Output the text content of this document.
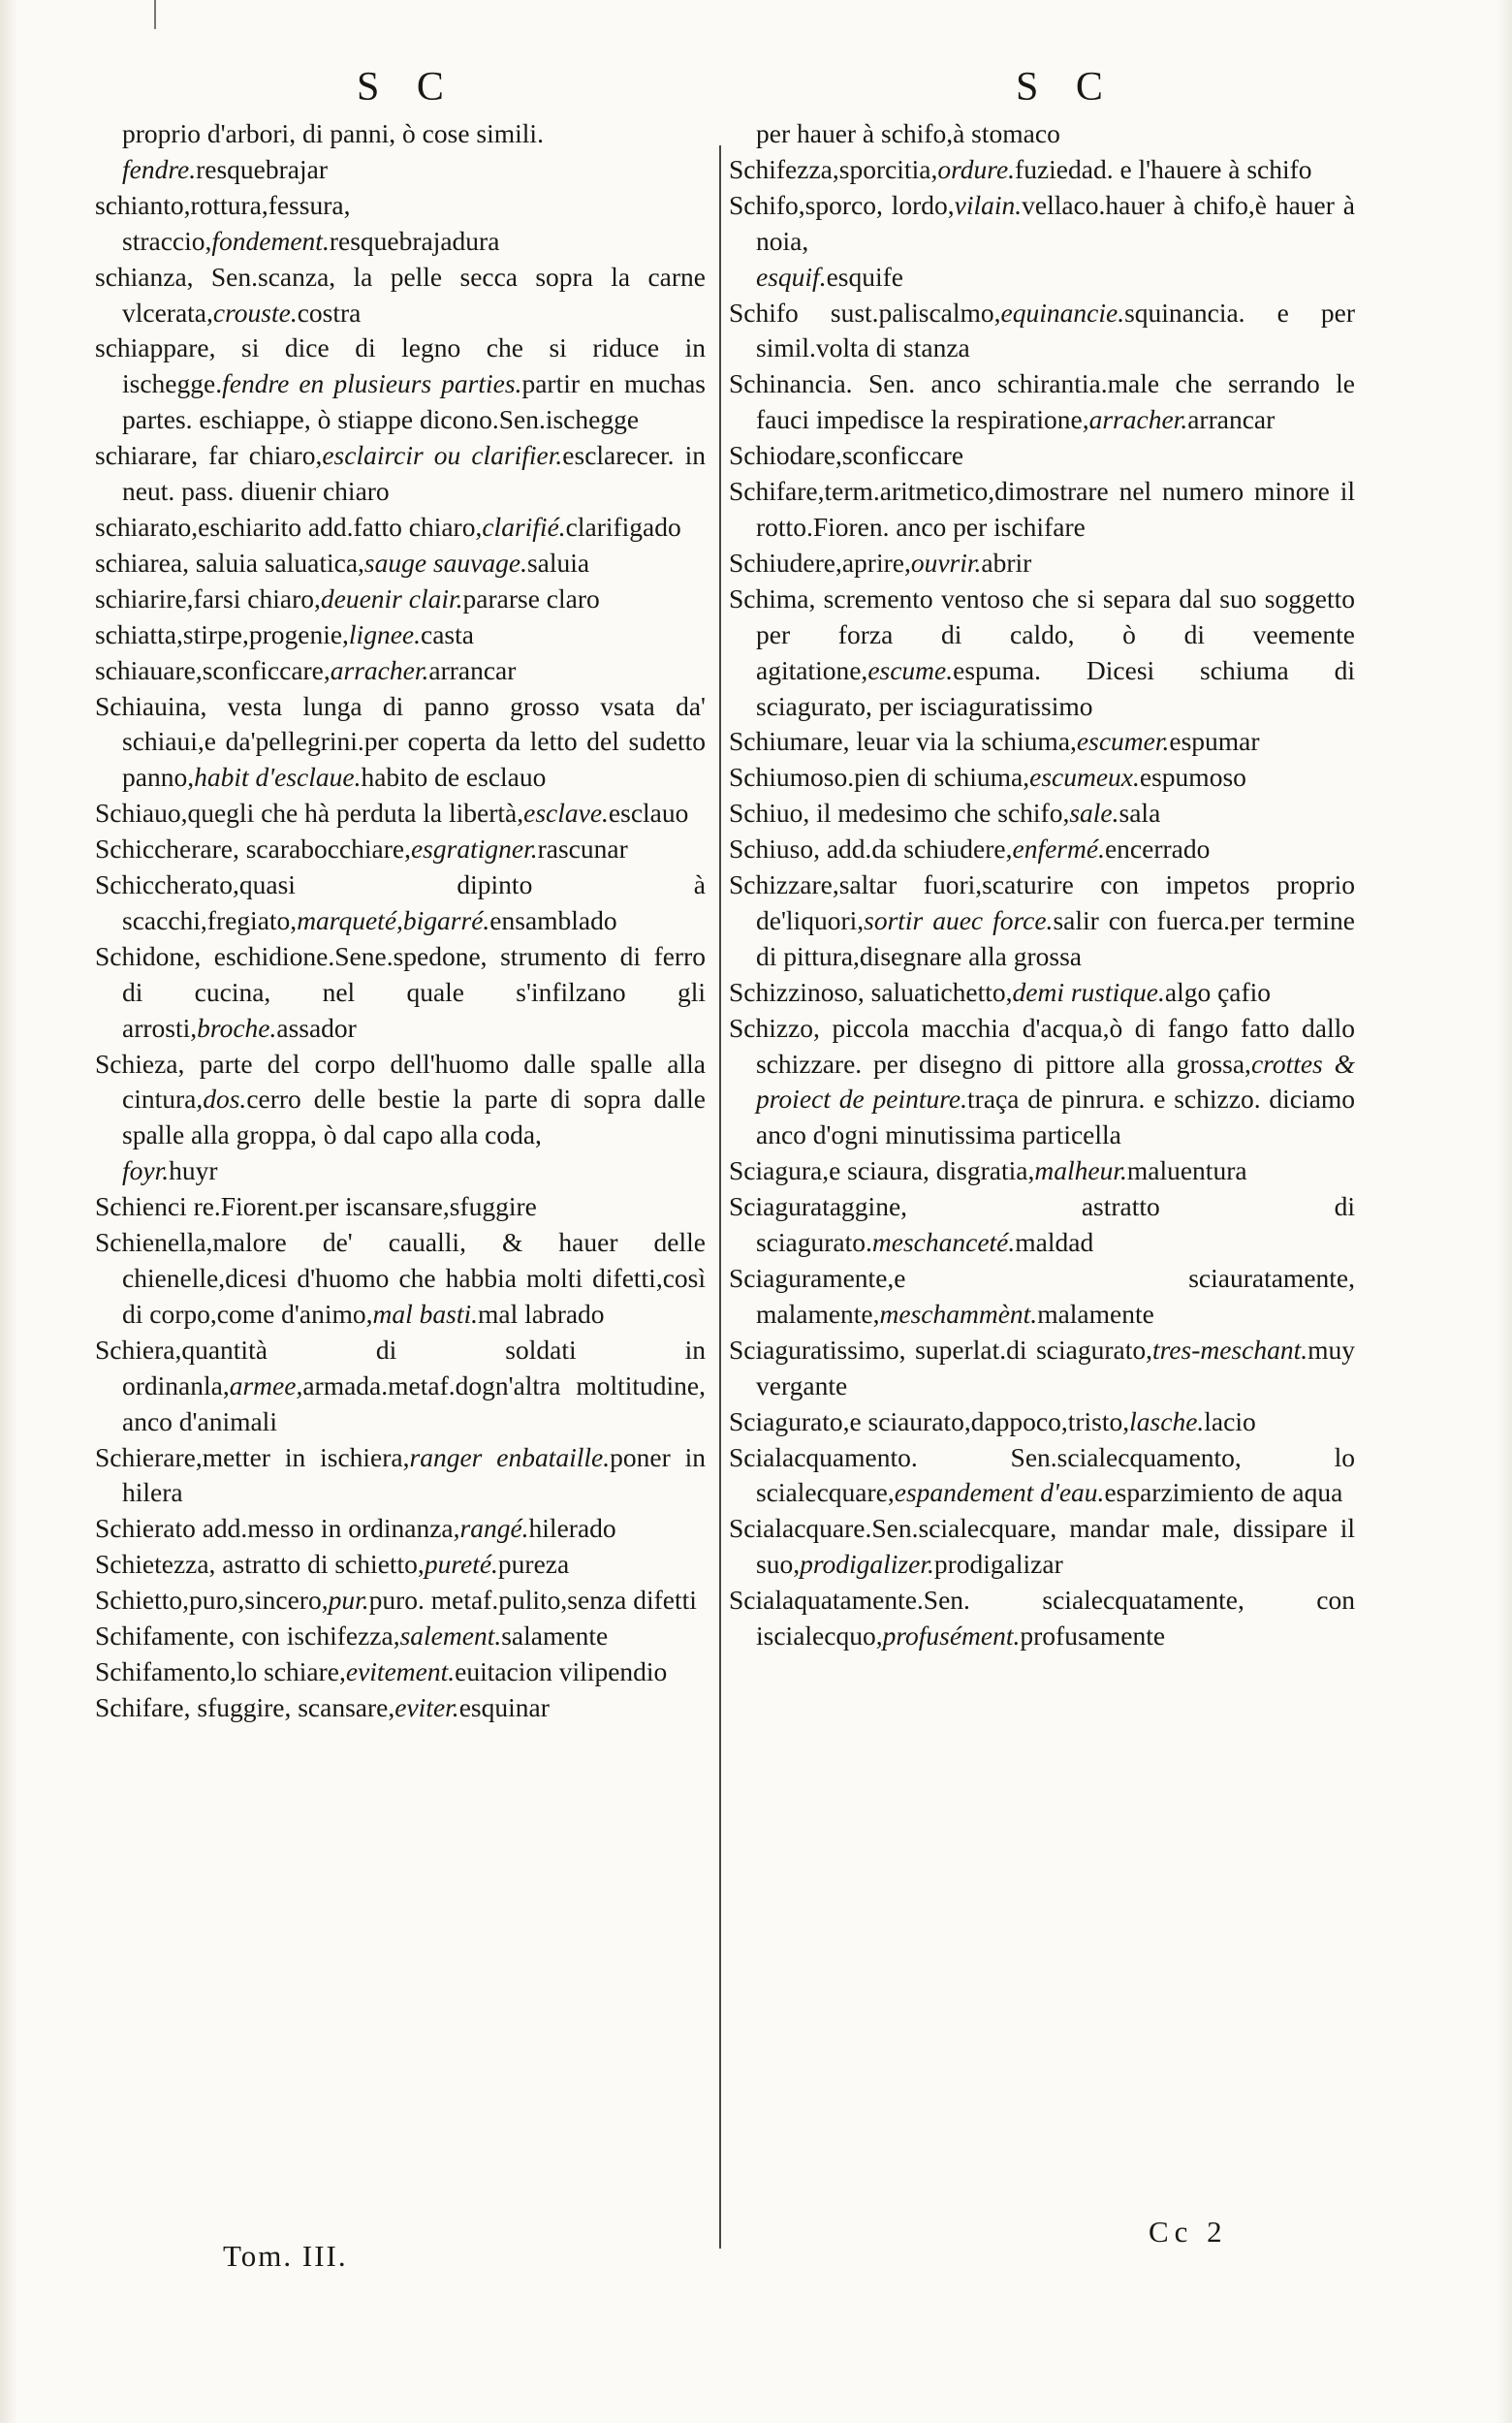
S C	S C
proprio d'arbori, di panni, ò cose simili.
fendre.resquebrajar
schianto,rottura,fessura, straccio,fondement.resquebrajadura
schianza, Sen.scanza, la pelle secca sopra la carne vlcerata,crouste.costra
schiappare, si dice di legno che si riduce in ischegge.fendre en plusieurs parties.partir en muchas partes. eschiappe, ò stiappe dicono.Sen.ischegge
schiarare, far chiaro,esclaircir ou clarifier.esclarecer. in neut. pass. diuenir chiaro
schiarato,eschiarito add.fatto chiaro,clarifié.clarifigado
schiarea, saluia saluatica,sauge sauvage.saluia
schiarire,farsi chiaro,deuenir clair.pararse claro
schiatta,stirpe,progenie,lignee.casta
schiauare,sconficcare,arracher.arrancar
Schiauina, vesta lunga di panno grosso vsata da' schiaui,e da'pellegrini.per coperta da letto del sudetto panno,habit d'esclaue.habito de esclauo
Schiauo,quegli che hà perduta la libertà,esclave.esclauo
Schiccherare, scarabocchiare,esgratigner.rascunar
Schiccherato,quasi dipinto à scacchi,fregiato,marqueté,bigarré.ensamblado
Schidone, eschidione.Sene.spedone, strumento di ferro di cucina, nel quale s'infilzano gli arrosti,broche.assador
Schieza, parte del corpo dell'huomo dalle spalle alla cintura,dos.cerro delle bestie la parte di sopra dalle spalle alla groppa, ò dal capo alla coda,
foyr.huyr
Schienci re.Fiorent.per iscansare,sfuggire
Schienella,malore de' caualli, & hauer delle chienelle,dicesi d'huomo che habbia molti difetti,così di corpo,come d'animo,mal basti.mal labrado
Schiera,quantità di soldati in ordinanla,armee,armada.metaf.dogn'altra moltitudine, anco d'animali
Schierare,metter in ischiera,ranger enbataille.poner in hilera
Schierato add.messo in ordinanza,rangé.hilerado
Schietezza, astratto di schietto,pureté.pureza
Schietto,puro,sincero,pur.puro. metaf.pulito,senza difetti
Schifamente, con ischifezza,salement.salamente
Schifamento,lo schiare,evitement.euitacion vilipendio
Schifare, sfuggire, scansare,eviter.esquinar
per hauer à schifo,à stomaco
Schifezza,sporcitia,ordure.fuziedad. e l'hauere à schifo
Schifo,sporco, lordo,vilain.vellaco.hauer à chifo,è hauer à noia,
esquif.esquife
Schifo sust.paliscalmo,equinancie.squinancia. e per simil.volta di stanza
Schinancia. Sen. anco schirantia.male che serrando le fauci impedisce la respiratione,arracher.arrancar
Schiodare,sconficcare
Schifare,term.aritmetico,dimostrare nel numero minore il rotto.Fioren. anco per ischifare
Schiudere,aprire,ouvrir.abrir
Schima, scremento ventoso che si separa dal suo soggetto per forza di caldo, ò di veemente agitatione,escume.espuma. Dicesi schiuma di sciagurato, per isciaguratissimo
Schiumare, leuar via la schiuma,escumer.espumar
Schiumoso.pien di schiuma,escumeux.espumoso
Schiuo, il medesimo che schifo,sale.sala
Schiuso, add.da schiudere,enfermé.encerrado
Schizzare,saltar fuori,scaturire con impetos proprio de'liquori,sortir auec force.salir con fuerca.per termine di pittura,disegnare alla grossa
Schizzinoso, saluatichetto,demi rustique.algo çafio
Schizzo, piccola macchia d'acqua,ò di fango fatto dallo schizzare. per disegno di pittore alla grossa,crottes & proiect de peinture.traça de pinrura. e schizzo. diciamo anco d'ogni minutissima particella
Sciagura,e sciaura, disgratia,malheur.maluentura
Sciagurataggine, astratto di sciagurato.meschanceté.maldad
Sciaguramente,e sciauratamente, malamente,meschammènt.malamente
Sciaguratissimo, superlat.di sciagurato,tres-meschant.muy vergante
Sciagurato,e sciaurato,dappoco,tristo,lasche.lacio
Scialacquamento. Sen.scialecquamento, lo scialecquare,espandement d'eau.esparzimiento de aqua
Scialacquare.Sen.scialecquare, mandar male, dissipare il suo,prodigalizer.prodigalizar
Scialaquatamente.Sen. scialecquatamente, con iscialecquo,profusément.profusamente
Tom. III.
Cc 2
